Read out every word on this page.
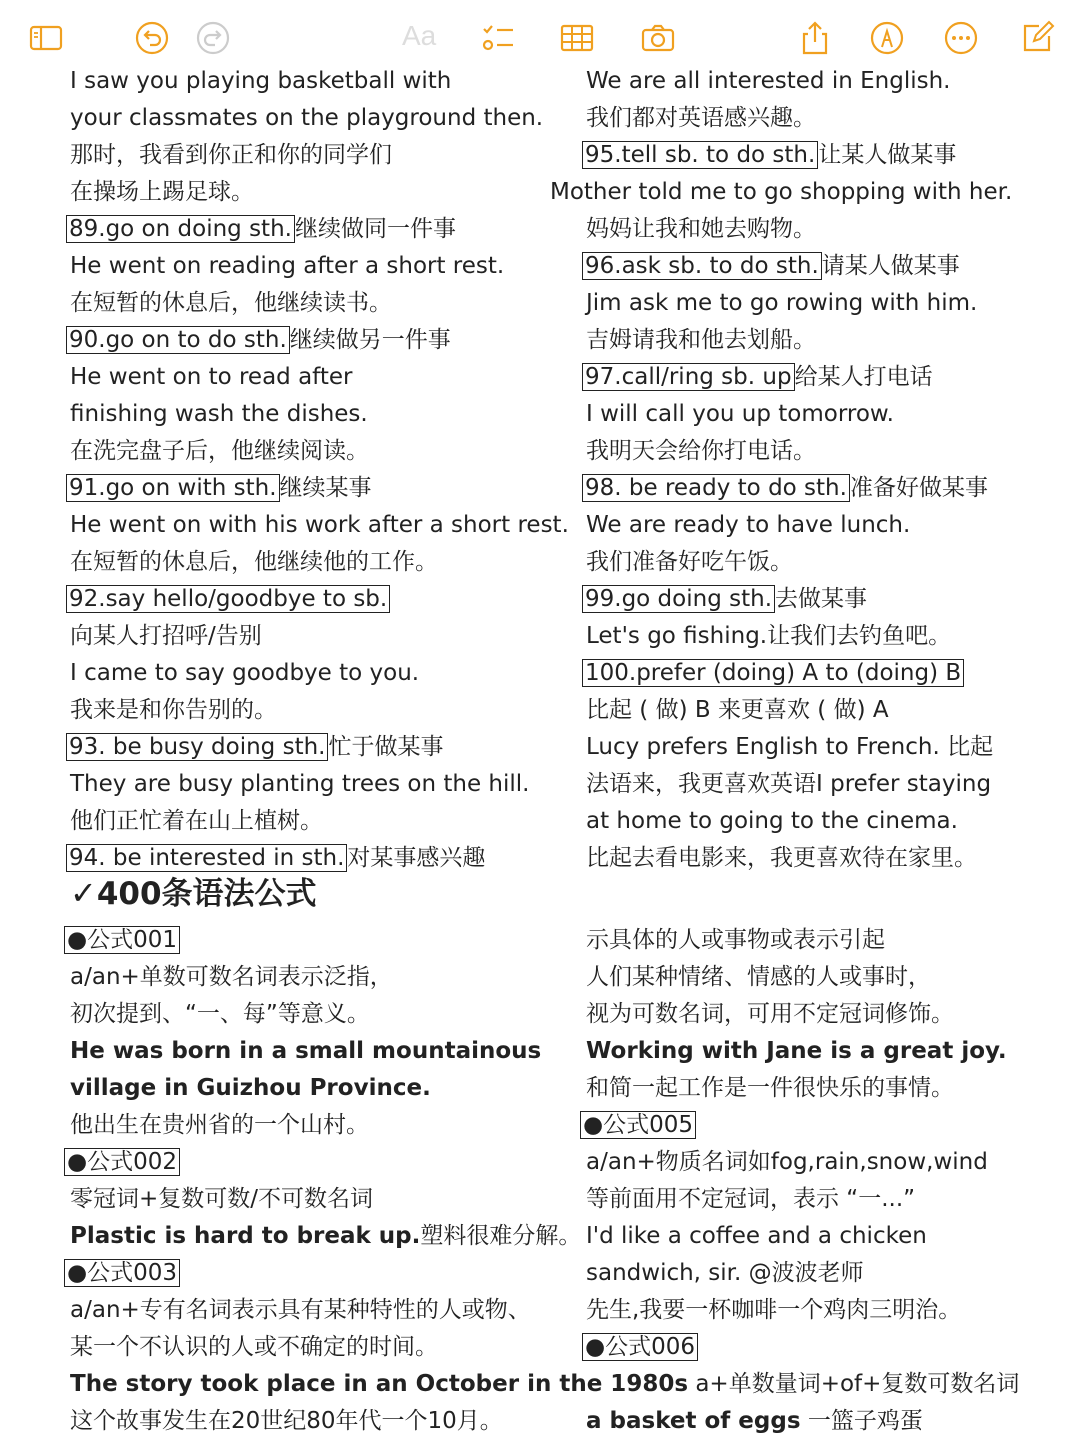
Aa
I saw you playing basketball with
your classmates on the playground then.
那时，我看到你正和你的同学们
在操场上踢足球。
89.go on doing sth. 继续做同一件事
He went on reading after a short rest.
在短暂的休息后，他继续读书。
90.go on to do sth. 继续做另一件事
He went on to read after
finishing wash the dishes.
在洗完盘子后，他继续阅读。
91.go on with sth. 继续某事
He went on with his work after a short rest.
在短暂的休息后，他继续他的工作。
92.say hello/goodbye to sb.
向某人打招呼/告别
I came to say goodbye to you.
我来是和你告别的。
93. be busy doing sth. 忙于做某事
They are busy planting trees on the hill.
他们正忙着在山上植树。
94. be interested in sth. 对某事感兴趣
We are all interested in English.
我们都对英语感兴趣。
95.tell sb. to do sth. 让某人做某事
Mother told me to go shopping with her.
妈妈让我和她去购物。
96.ask sb. to do sth. 请某人做某事
Jim ask me to go rowing with him.
吉姆请我和他去划船。
97.call/ring sb. up 给某人打电话
I will call you up tomorrow.
我明天会给你打电话。
98. be ready to do sth. 准备好做某事
We are ready to have lunch.
我们准备好吃午饭。
99.go doing sth. 去做某事
Let's go fishing.让我们去钓鱼吧。
100.prefer (doing) A to (doing) B
比起 ( 做) B 来更喜欢 ( 做) A
Lucy prefers English to French. 比起
法语来，我更喜欢英语I prefer staying
at home to going to the cinema.
比起去看电影来，我更喜欢待在家里。
✓400条语法公式
●公式001
a/an+单数可数名词表示泛指，
初次提到、“一、每”等意义。
He was born in a small mountainous
village in Guizhou Province.
他出生在贵州省的一个山村。
●公式002
零冠词+复数可数/不可数名词
Plastic is hard to break up.塑料很难分解。
●公式003
a/an+专有名词表示具有某种特性的人或物、
某一个不认识的人或不确定的时间。
The story took place in an October in the 1980s a+单数量词+of+复数可数名词
这个故事发生在20世纪80年代一个10月。
示具体的人或事物或表示引起
人们某种情绪、情感的人或事时，
视为可数名词，可用不定冠词修饰。
Working with Jane is a great joy.
和简一起工作是一件很快乐的事情。
●公式005
a/an+物质名词如fog,rain,snow,wind
等前面用不定冠词，表示 “一...”
I'd like a coffee and a chicken
sandwich, sir. @波波老师
先生,我要一杯咖啡一个鸡肉三明治。
●公式006
a basket of eggs 一篮子鸡蛋
